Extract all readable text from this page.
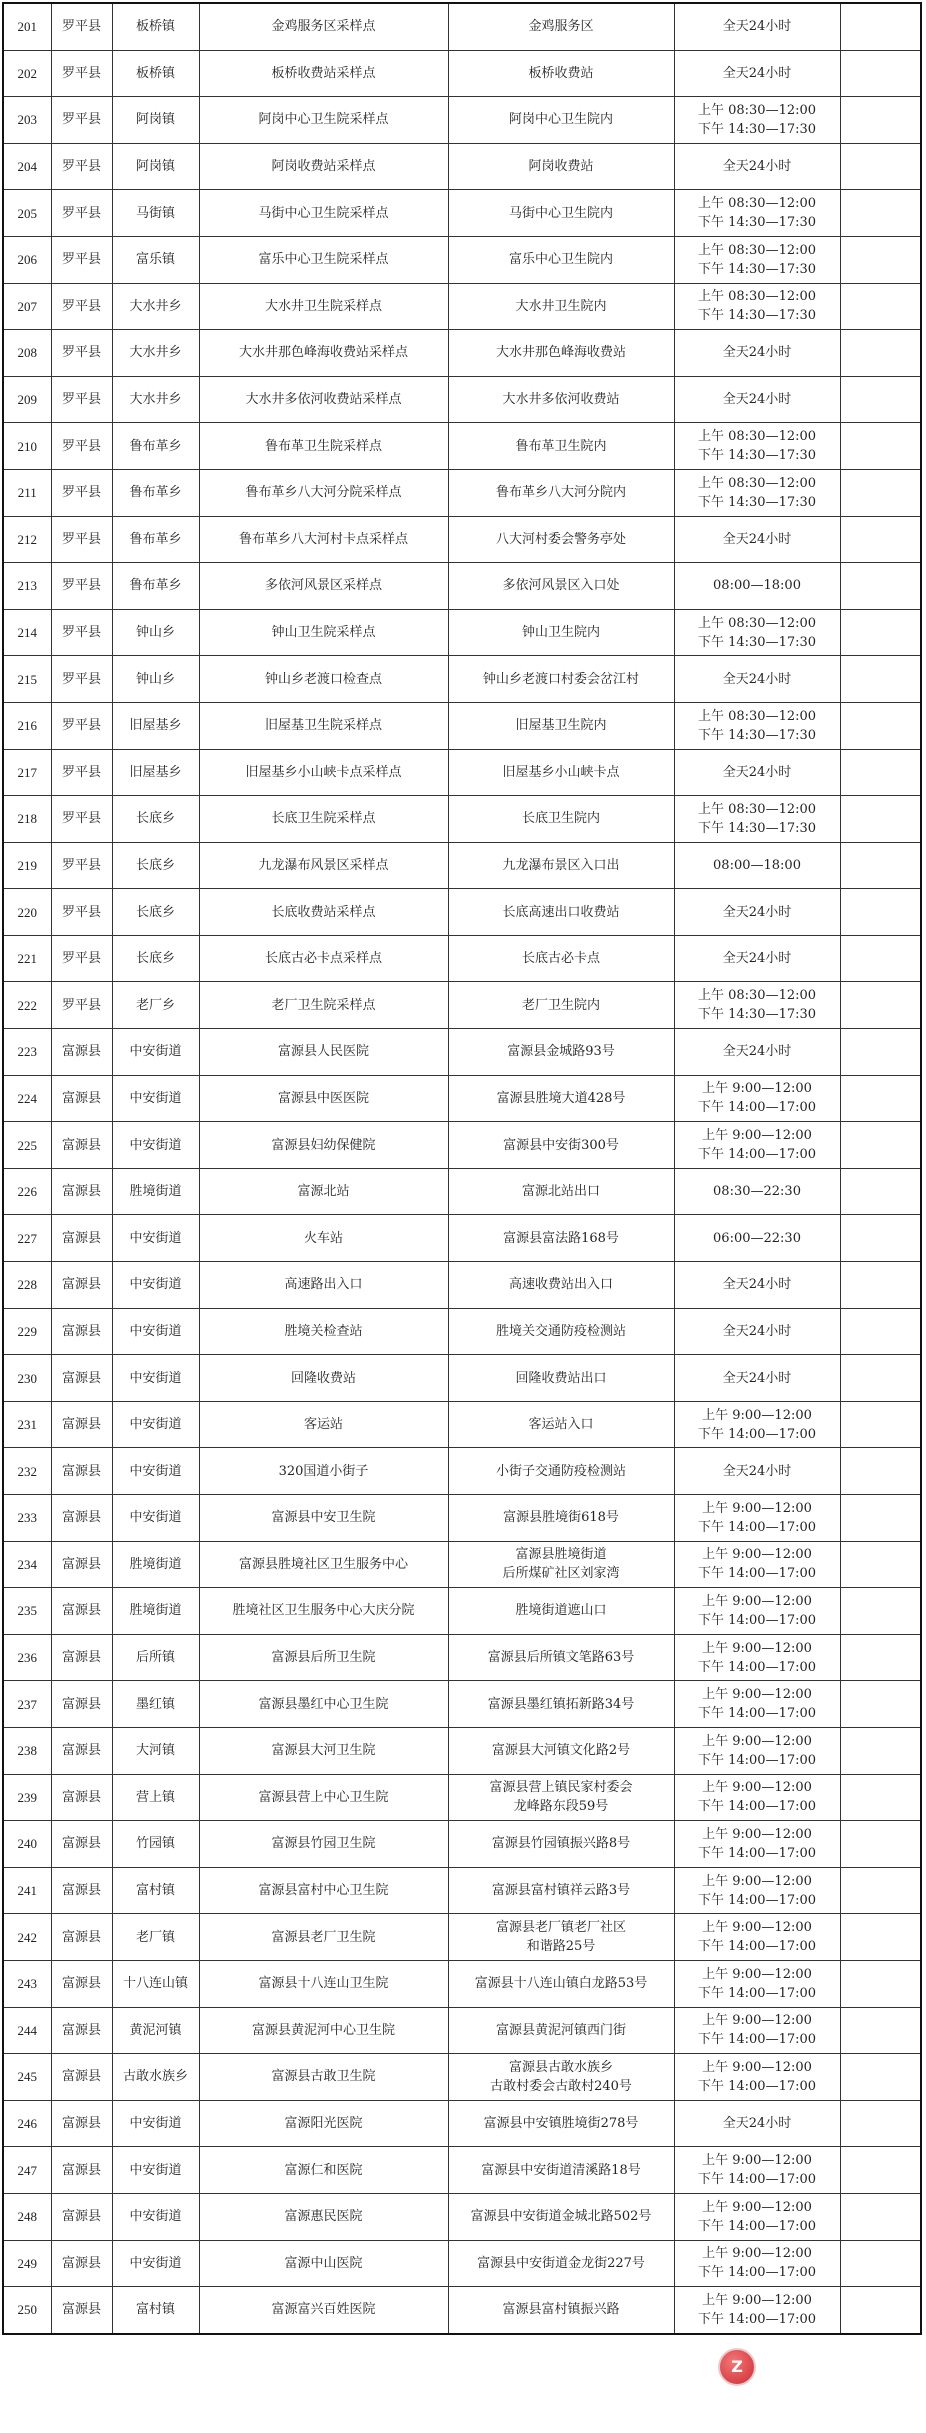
201	罗平县	板桥镇	金鸡服务区采样点	金鸡服务区	全天24小时	

202	罗平县	板桥镇	板桥收费站采样点	板桥收费站	全天24小时	

203	罗平县	阿岗镇	阿岗中心卫生院采样点	阿岗中心卫生院内	上午 08:30—12:00
下午 14:30—17:30	

204	罗平县	阿岗镇	阿岗收费站采样点	阿岗收费站	全天24小时	

205	罗平县	马街镇	马街中心卫生院采样点	马街中心卫生院内	上午 08:30—12:00
下午 14:30—17:30	

206	罗平县	富乐镇	富乐中心卫生院采样点	富乐中心卫生院内	上午 08:30—12:00
下午 14:30—17:30	

207	罗平县	大水井乡	大水井卫生院采样点	大水井卫生院内	上午 08:30—12:00
下午 14:30—17:30	

208	罗平县	大水井乡	大水井那色峰海收费站采样点	大水井那色峰海收费站	全天24小时	

209	罗平县	大水井乡	大水井多依河收费站采样点	大水井多依河收费站	全天24小时	

210	罗平县	鲁布革乡	鲁布革卫生院采样点	鲁布革卫生院内	上午 08:30—12:00
下午 14:30—17:30	

211	罗平县	鲁布革乡	鲁布革乡八大河分院采样点	鲁布革乡八大河分院内	上午 08:30—12:00
下午 14:30—17:30	

212	罗平县	鲁布革乡	鲁布革乡八大河村卡点采样点	八大河村委会警务亭处	全天24小时	

213	罗平县	鲁布革乡	多依河风景区采样点	多依河风景区入口处	08:00—18:00	

214	罗平县	钟山乡	钟山卫生院采样点	钟山卫生院内	上午 08:30—12:00
下午 14:30—17:30	

215	罗平县	钟山乡	钟山乡老渡口检查点	钟山乡老渡口村委会岔江村	全天24小时	

216	罗平县	旧屋基乡	旧屋基卫生院采样点	旧屋基卫生院内	上午 08:30—12:00
下午 14:30—17:30	

217	罗平县	旧屋基乡	旧屋基乡小山峡卡点采样点	旧屋基乡小山峡卡点	全天24小时	

218	罗平县	长底乡	长底卫生院采样点	长底卫生院内	上午 08:30—12:00
下午 14:30—17:30	

219	罗平县	长底乡	九龙瀑布风景区采样点	九龙瀑布景区入口出	08:00—18:00	

220	罗平县	长底乡	长底收费站采样点	长底高速出口收费站	全天24小时	

221	罗平县	长底乡	长底古必卡点采样点	长底古必卡点	全天24小时	

222	罗平县	老厂乡	老厂卫生院采样点	老厂卫生院内	上午 08:30—12:00
下午 14:30—17:30	

223	富源县	中安街道	富源县人民医院	富源县金城路93号	全天24小时	

224	富源县	中安街道	富源县中医医院	富源县胜境大道428号	上午 9:00—12:00
下午 14:00—17:00	

225	富源县	中安街道	富源县妇幼保健院	富源县中安街300号	上午 9:00—12:00
下午 14:00—17:00	

226	富源县	胜境街道	富源北站	富源北站出口	08:30—22:30	

227	富源县	中安街道	火车站	富源县富法路168号	06:00—22:30	

228	富源县	中安街道	高速路出入口	高速收费站出入口	全天24小时	

229	富源县	中安街道	胜境关检查站	胜境关交通防疫检测站	全天24小时	

230	富源县	中安街道	回隆收费站	回隆收费站出口	全天24小时	

231	富源县	中安街道	客运站	客运站入口	上午 9:00—12:00
下午 14:00—17:00	

232	富源县	中安街道	320国道小街子	小街子交通防疫检测站	全天24小时	

233	富源县	中安街道	富源县中安卫生院	富源县胜境街618号	上午 9:00—12:00
下午 14:00—17:00	

234	富源县	胜境街道	富源县胜境社区卫生服务中心	富源县胜境街道
后所煤矿社区刘家湾	上午 9:00—12:00
下午 14:00—17:00	

235	富源县	胜境街道	胜境社区卫生服务中心大庆分院	胜境街道遮山口	上午 9:00—12:00
下午 14:00—17:00	

236	富源县	后所镇	富源县后所卫生院	富源县后所镇文笔路63号	上午 9:00—12:00
下午 14:00—17:00	

237	富源县	墨红镇	富源县墨红中心卫生院	富源县墨红镇拓新路34号	上午 9:00—12:00
下午 14:00—17:00	

238	富源县	大河镇	富源县大河卫生院	富源县大河镇文化路2号	上午 9:00—12:00
下午 14:00—17:00	

239	富源县	营上镇	富源县营上中心卫生院	富源县营上镇民家村委会
龙峰路东段59号	上午 9:00—12:00
下午 14:00—17:00	

240	富源县	竹园镇	富源县竹园卫生院	富源县竹园镇振兴路8号	上午 9:00—12:00
下午 14:00—17:00	

241	富源县	富村镇	富源县富村中心卫生院	富源县富村镇祥云路3号	上午 9:00—12:00
下午 14:00—17:00	

242	富源县	老厂镇	富源县老厂卫生院	富源县老厂镇老厂社区
和谐路25号	上午 9:00—12:00
下午 14:00—17:00	

243	富源县	十八连山镇	富源县十八连山卫生院	富源县十八连山镇白龙路53号	上午 9:00—12:00
下午 14:00—17:00	

244	富源县	黄泥河镇	富源县黄泥河中心卫生院	富源县黄泥河镇西门街	上午 9:00—12:00
下午 14:00—17:00	

245	富源县	古敢水族乡	富源县古敢卫生院	富源县古敢水族乡
古敢村委会古敢村240号	上午 9:00—12:00
下午 14:00—17:00	

246	富源县	中安街道	富源阳光医院	富源县中安镇胜境街278号	全天24小时	

247	富源县	中安街道	富源仁和医院	富源县中安街道清溪路18号	上午 9:00—12:00
下午 14:00—17:00	

248	富源县	中安街道	富源惠民医院	富源县中安街道金城北路502号	上午 9:00—12:00
下午 14:00—17:00	

249	富源县	中安街道	富源中山医院	富源县中安街道金龙街227号	上午 9:00—12:00
下午 14:00—17:00	

250	富源县	富村镇	富源富兴百姓医院	富源县富村镇振兴路	上午 9:00—12:00
下午 14:00—17:00	

Z
